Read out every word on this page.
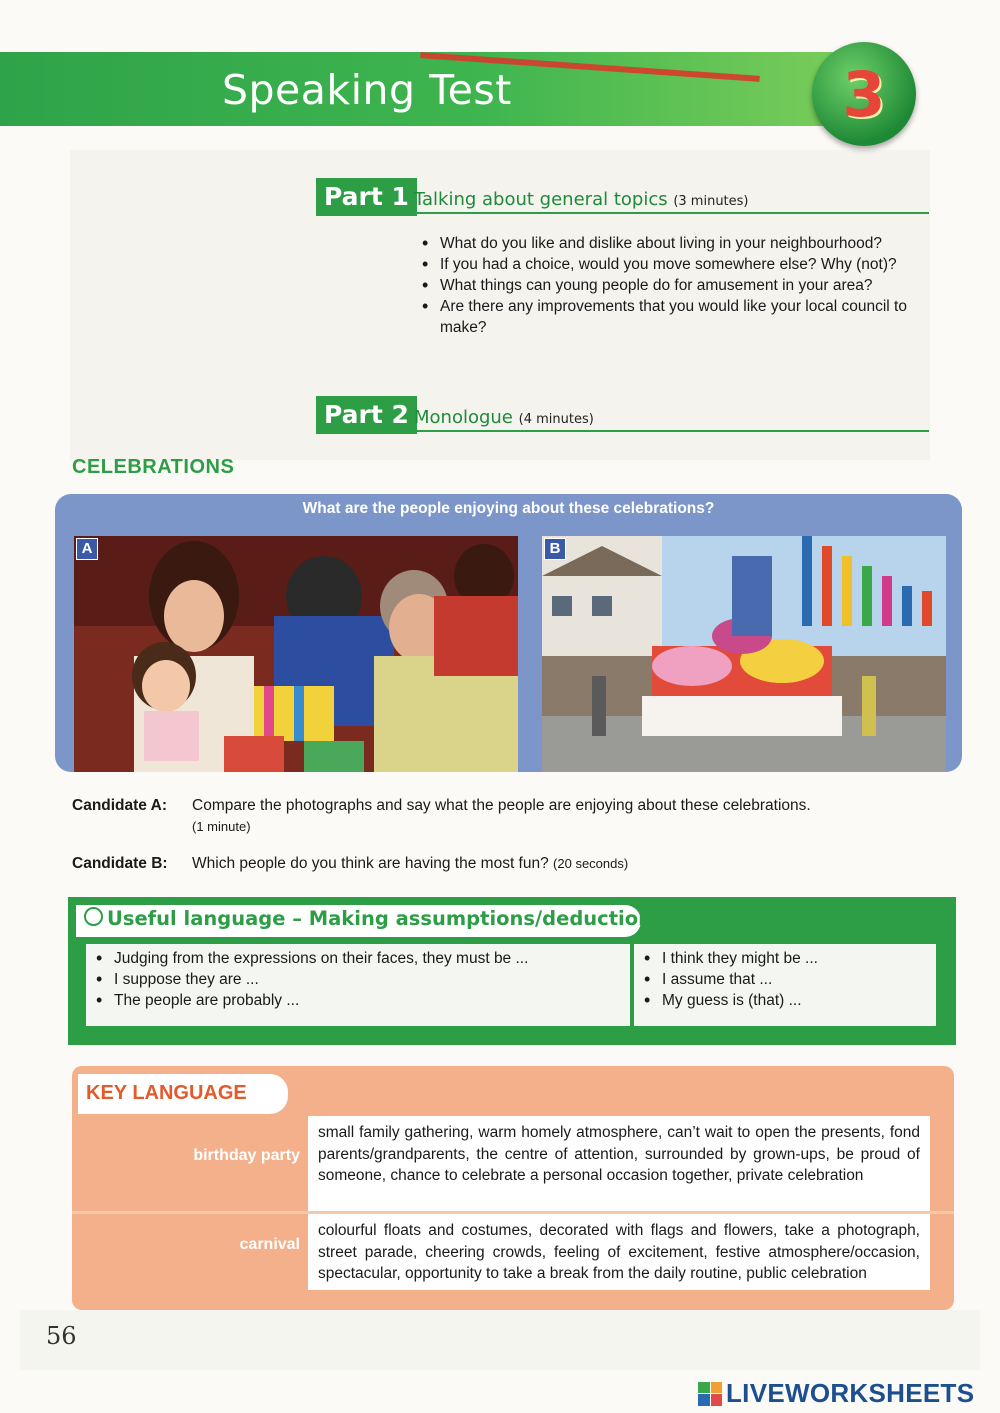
Speaking Test	3
Part 1 Talking about general topics (3 minutes)
• What do you like and dislike about living in your neighbourhood?
• If you had a choice, would you move somewhere else? Why (not)?
• What things can young people do for amusement in your area?
• Are there any improvements that you would like your local council to make?
Part 2 Monologue (4 minutes)
CELEBRATIONS
What are the people enjoying about these celebrations?
A	B
Candidate A:	Compare the photographs and say what the people are enjoying about these celebrations.
(1 minute)
Candidate B:	Which people do you think are having the most fun? (20 seconds)
Useful language – Making assumptions/deductions
• Judging from the expressions on their faces, they must be ...
• I suppose they are ...
• The people are probably ...
• I think they might be ...
• I assume that ...
• My guess is (that) ...
KEY LANGUAGE
birthday party
small family gathering, warm homely atmosphere, can’t wait to open the presents, fond parents/grandparents, the centre of attention, surrounded by grown-ups, be proud of someone, chance to celebrate a personal occasion together, private celebration
carnival
colourful floats and costumes, decorated with flags and flowers, take a photograph, street parade, cheering crowds, feeling of excitement, festive atmosphere/occasion, spectacular, opportunity to take a break from the daily routine, public celebration
56
LIVEWORKSHEETS
